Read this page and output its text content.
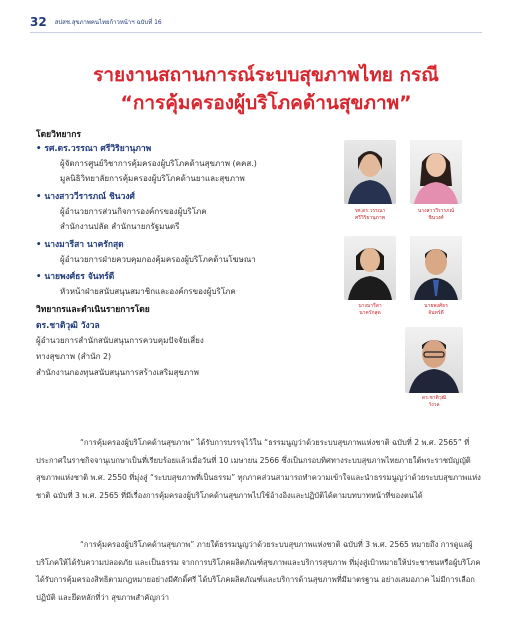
32 สปสช.สุขภาพคนไทยก้าวหน้าฯ ฉบับที่ 16
รายงานสถานการณ์ระบบสุขภาพไทย กรณี
“การคุ้มครองผู้บริโภคด้านสุขภาพ”
โดยวิทยากร
• รศ.ดร.วรรณา ศรีวิริยานุภาพ
ผู้จัดการศูนย์วิชาการคุ้มครองผู้บริโภคด้านสุขภาพ (คคส.)
มูลนิธิวิทยาลัยการคุ้มครองผู้บริโภคด้านยาและสุขภาพ
• นางสาววีรารภณ์ ชินวงศ์
ผู้อำนวยการส่วนกิจการองค์กรของผู้บริโภค
สำนักงานปลัด สำนักนายกรัฐมนตรี
• นางมารีสา นาครักสุด
ผู้อำนวยการฝ่ายควบคุมกองคุ้มครองผู้บริโภคด้านโฆษณา
• นายพงศ์ธร จันทร์ดี
หัวหน้าฝ่ายสนับสนุนสมาชิกและองค์กรของผู้บริโภค
วิทยากรและดำเนินรายการโดย
ดร.ชาติวุฒิ วังวล
ผู้อำนวยการสำนักสนับสนุนการควบคุมปัจจัยเสี่ยง
ทางสุขภาพ (สำนัก 2)
สำนักงานกองทุนสนับสนุนการสร้างเสริมสุขภาพ
รศ.ดร.วรรณา
ศรีวิริยานุภาพ
นางสาววีรารภณ์
ชินวงศ์
นางมารีสา
นาครักสุด
นายพงศ์ธร
จันทร์ดี
ดร.ชาติวุฒิ
วังวล

“การคุ้มครองผู้บริโภคด้านสุขภาพ” ได้รับการบรรจุไว้ใน “ธรรมนูญว่าด้วยระบบสุขภาพแห่งชาติ ฉบับที่ 2 พ.ศ. 2565” ที่ประกาศในราชกิจจานุเบกษาเป็นที่เรียบร้อยแล้วเมื่อวันที่ 10 เมษายน 2566 ซึ่งเป็นกรอบทิศทางระบบสุขภาพไทยภายใต้พระราชบัญญัติสุขภาพแห่งชาติ พ.ศ. 2550 ที่มุ่งสู่ “ระบบสุขภาพที่เป็นธรรม” ทุกภาคส่วนสามารถทำความเข้าใจและนำธรรมนูญว่าด้วยระบบสุขภาพแห่งชาติ ฉบับที่ 3 พ.ศ. 2565 ที่มีเรื่องการคุ้มครองผู้บริโภคด้านสุขภาพไปใช้อ้างอิงและปฏิบัติได้ตามบทบาทหน้าที่ของตนได้

“การคุ้มครองผู้บริโภคด้านสุขภาพ” ภายใต้ธรรมนูญว่าด้วยระบบสุขภาพแห่งชาติ ฉบับที่ 3 พ.ศ. 2565 หมายถึง การดูแลผู้บริโภคให้ได้รับความปลอดภัย และเป็นธรรม จากการบริโภคผลิตภัณฑ์สุขภาพและบริการสุขภาพ ที่มุ่งสู่เป้าหมายให้ประชาชนหรือผู้บริโภคได้รับการคุ้มครองสิทธิตามกฎหมายอย่างมีศักดิ์ศรี ได้บริโภคผลิตภัณฑ์และบริการด้านสุขภาพที่มีมาตรฐาน อย่างเสมอภาค ไม่มีการเลือกปฏิบัติ และยึดหลักที่ว่า สุขภาพสำคัญกว่า
